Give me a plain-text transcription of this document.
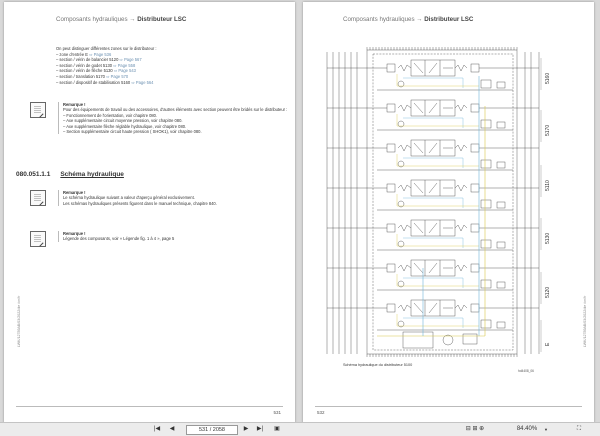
Composants hydrauliques → Distributeur LSC
On peut distinguer différentes zones sur le distributeur :
– zone d'entrée E ⇨ Page 536
– section / vérin de balancier 5120 ⇨ Page 567
– section / vérin de godet 5130 ⇨ Page 558
– section / vérin de flèche 5130 ⇨ Page 543
– section / translation 5170 ⇨ Page 570
– section / dispositif de stabilisation 5160 ⇨ Page 564
Remarque !
Pour des équipements de travail ou des accessoires, d'autres éléments avec section peuvent être bridés sur le distributeur :
– Fonctionnement de l'orientation, voir chapitre 080.
– Axe supplémentaire circuit moyenne pression, voir chapitre 080.
– Axe supplémentaire flèche réglable hydraulique, voir chapitre 080.
– Section supplémentaire circuit haute pression ( SHOK1), voir chapitre 080.
080.051.1.1 Schéma hydraulique
Remarque !
Le schéma hydraulique suivant a valeur d'aperçu général exclusivement.
Les schémas hydrauliques présents figurent dans le manuel technique, chapitre 840.
Remarque !
Légende des composants, voir « Légende fig. 1 à 4 », page 5
LWK/12789AB/03/2022/de /cn/fr
531
Composants hydrauliques → Distributeur LSC
5160
5170
5110
5130
5120
E
Schéma hydraulique du distributeur 5100
hd4408_06
LWK/12789AB/03/2022/de /cn/fr
532
|◀	◀	531 / 2058	▶	▶|	▣	⊟ ⊞ ⊕	84.40%	▼	⛶
